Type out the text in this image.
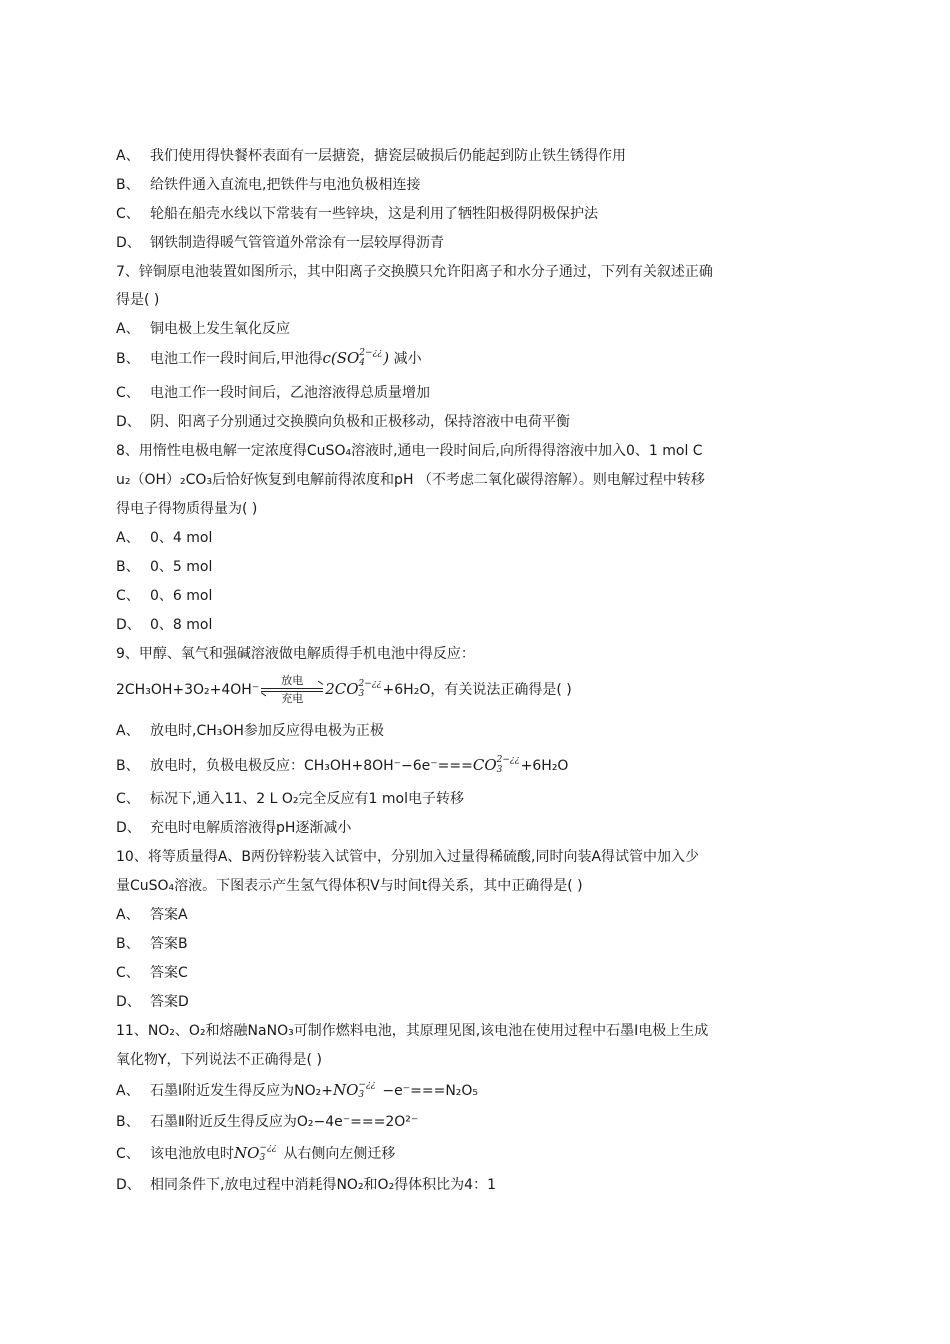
A、 我们使用得快餐杯表面有一层搪瓷，搪瓷层破损后仍能起到防止铁生锈得作用
B、 给铁件通入直流电,把铁件与电池负极相连接
C、 轮船在船壳水线以下常装有一些锌块，这是利用了牺牲阳极得阴极保护法
D、 钢铁制造得暖气管管道外常涂有一层较厚得沥青
7、锌铜原电池装置如图所示，其中阳离子交换膜只允许阳离子和水分子通过，下列有关叙述正确
得是( )
A、 铜电极上发生氧化反应
B、 电池工作一段时间后,甲池得c(SO 2−¿¿
4 ) 减小
C、 电池工作一段时间后，乙池溶液得总质量增加
D、 阴、阳离子分别通过交换膜向负极和正极移动，保持溶液中电荷平衡
8、用惰性电极电解一定浓度得CuSO₄溶液时,通电一段时间后,向所得得溶液中加入0、1 mol C
u₂（OH）₂CO₃后恰好恢复到电解前得浓度和pH （不考虑二氧化碳得溶解）。则电解过程中转移
得电子得物质得量为( )
A、 0、4 mol
B、 0、5 mol
C、 0、6 mol
D、 0、8 mol
9、甲醇、氧气和强碱溶液做电解质得手机电池中得反应：
2CH₃OH+3O₂+4OH⁻
放电
充电
2CO 2−¿¿
3 +6H₂O，有关说法正确得是( )
A、 放电时,CH₃OH参加反应得电极为正极
B、 放电时，负极电极反应：CH₃OH+8OH⁻−6e⁻===CO 2−¿¿
3 +6H₂O
C、 标况下,通入11、2 L O₂完全反应有1 mol电子转移
D、 充电时电解质溶液得pH逐渐减小
10、将等质量得A、B两份锌粉装入试管中，分别加入过量得稀硫酸,同时向装A得试管中加入少
量CuSO₄溶液。下图表示产生氢气得体积V与时间t得关系，其中正确得是( )
A、 答案A
B、 答案B
C、 答案C
D、 答案D
11、NO₂、O₂和熔融NaNO₃可制作燃料电池，其原理见图,该电池在使用过程中石墨Ⅰ电极上生成
氧化物Y，下列说法不正确得是( )
A、 石墨Ⅰ附近发生得反应为NO₂+NO −¿¿
3 −e⁻===N₂O₅
B、 石墨Ⅱ附近反生得反应为O₂−4e⁻===2O²⁻
C、 该电池放电时NO −¿¿
3 从右侧向左侧迁移
D、 相同条件下,放电过程中消耗得NO₂和O₂得体积比为4：1
